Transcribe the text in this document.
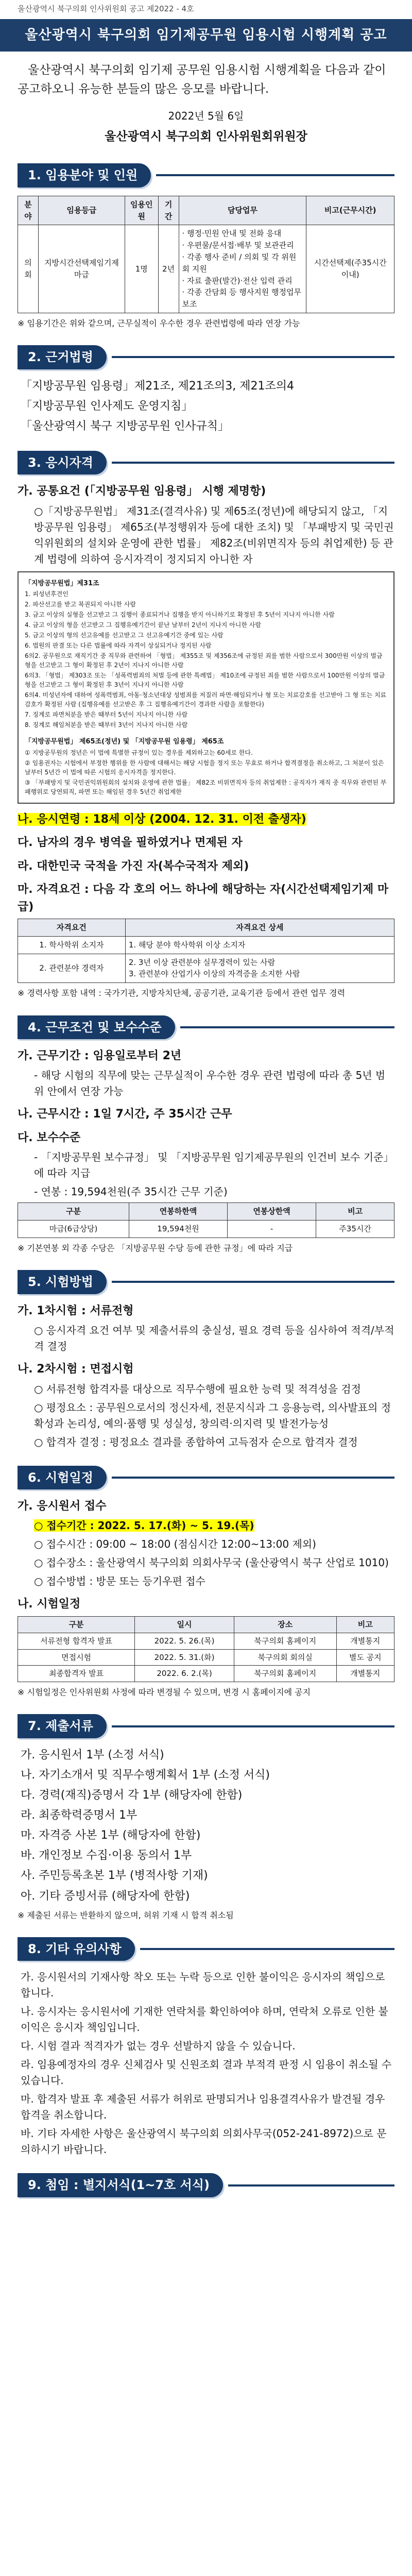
울산광역시 북구의회 인사위원회 공고 제2022 - 4호
울산광역시 북구의회 임기제공무원 임용시험 시행계획 공고

울산광역시 북구의회 임기제 공무원 임용시험 시행계획을 다음과 같이 공고하오니 유능한 분들의 많은 응모를 바랍니다.

2022년 5월 6일
울산광역시 북구의회 인사위원회위원장
1. 임용분야 및 인원
분야	임용등급	임용인원	기간	담당업무	비고(근무시간)
의회	지방시간선택제임기제 마급	1명	2년	· 행정·민원 안내 및 전화 응대
· 우편물/문서접·배부 및 보관관리
· 각종 행사 준비 / 의회 및 각 위원회 지원
· 자료 출판(발간)·전산 입력 관리
· 각종 간담회 등 행사지원 행정업무 보조	시간선택제(주35시간 이내)
※ 임용기간은 위와 같으며, 근무실적이 우수한 경우 관련법령에 따라 연장 가능
2. 근거법령
「지방공무원 임용령」제21조, 제21조의3, 제21조의4
「지방공무원 인사제도 운영지침」
「울산광역시 북구 지방공무원 인사규칙」
3. 응시자격
가. 공통요건 (「지방공무원 임용령」 시행 제명항)
○「지방공무원법」 제31조(결격사유) 및 제65조(정년)에 해당되지 않고, 「지방공무원 임용령」 제65조(부정행위자 등에 대한 조치) 및 「부패방지 및 국민권익위원회의 설치와 운영에 관한 법률」 제82조(비위면직자 등의 취업제한) 등 관계 법령에 의하여 응시자격이 정지되지 아니한 자

「지방공무원법」제31조

1. 피성년후견인

2. 파산선고를 받고 복권되지 아니한 사람

3. 금고 이상의 실형을 선고받고 그 집행이 종료되거나 집행을 받지 아니하기로 확정된 후 5년이 지나지 아니한 사람

4. 금고 이상의 형을 선고받고 그 집행유예기간이 끝난 날부터 2년이 지나지 아니한 사람

5. 금고 이상의 형의 선고유예를 선고받고 그 선고유예기간 중에 있는 사람

6. 법원의 판결 또는 다른 법률에 따라 자격이 상실되거나 정지된 사람

6의2. 공무원으로 재직기간 중 직무와 관련하여 「형법」 제355조 및 제356조에 규정된 죄를 범한 사람으로서 300만원 이상의 벌금형을 선고받고 그 형이 확정된 후 2년이 지나지 아니한 사람

6의3. 「형법」 제303조 또는 「성폭력범죄의 처벌 등에 관한 특례법」 제10조에 규정된 죄를 범한 사람으로서 100만원 이상의 벌금형을 선고받고 그 형이 확정된 후 3년이 지나지 아니한 사람

6의4. 미성년자에 대하여 성폭력범죄, 아동·청소년대상 성범죄를 저질러 파면·해임되거나 형 또는 치료감호를 선고받아 그 형 또는 치료감호가 확정된 사람 (집행유예를 선고받은 후 그 집행유예기간이 경과한 사람을 포함한다)

7. 징계로 파면처분을 받은 때부터 5년이 지나지 아니한 사람

8. 징계로 해임처분을 받은 때부터 3년이 지나지 아니한 사람

「지방공무원법」 제65조(정년) 및 「지방공무원 임용령」 제65조

① 지방공무원의 정년은 이 법에 특별한 규정이 있는 경우를 제외하고는 60세로 한다.

② 임용권자는 시험에서 부정한 행위를 한 사람에 대해서는 해당 시험을 정지 또는 무효로 하거나 합격결정을 취소하고, 그 처분이 있은 날부터 5년간 이 법에 따른 시험의 응시자격을 정지한다.

③ 「부패방지 및 국민권익위원회의 설치와 운영에 관한 법률」 제82조 비위면직자 등의 취업제한 : 공직자가 재직 중 직무와 관련된 부패행위로 당연퇴직, 파면 또는 해임된 경우 5년간 취업제한

나. 응시연령 : 18세 이상 (2004. 12. 31. 이전 출생자)
다. 남자의 경우 병역을 필하였거나 면제된 자
라. 대한민국 국적을 가진 자(복수국적자 제외)
마. 자격요건 : 다음 각 호의 어느 하나에 해당하는 자(시간선택제임기제 마급)
자격요건	자격요건 상세
1. 학사학위 소지자	1. 해당 분야 학사학위 이상 소지자
2. 관련분야 경력자	2. 3년 이상 관련분야 실무경력이 있는 사람
3. 관련분야 산업기사 이상의 자격증을 소지한 사람
※ 경력사항 포함 내역 : 국가기관, 지방자치단체, 공공기관, 교육기관 등에서 관련 업무 경력
4. 근무조건 및 보수수준
가. 근무기간 : 임용일로부터 2년
- 해당 시험의 직무에 맞는 근무실적이 우수한 경우 관련 법령에 따라 총 5년 범위 안에서 연장 가능
나. 근무시간 : 1일 7시간, 주 35시간 근무
다. 보수수준
- 「지방공무원 보수규정」 및 「지방공무원 임기제공무원의 인건비 보수 기준」에 따라 지급
- 연봉 : 19,594천원(주 35시간 근무 기준)
구분	연봉하한액	연봉상한액	비고
마급(6급상당)	19,594천원	-	주35시간
※ 기본연봉 외 각종 수당은 「지방공무원 수당 등에 관한 규정」에 따라 지급
5. 시험방법
가. 1차시험 : 서류전형
○ 응시자격 요건 여부 및 제출서류의 충실성, 필요 경력 등을 심사하여 적격/부적격 결정
나. 2차시험 : 면접시험
○ 서류전형 합격자를 대상으로 직무수행에 필요한 능력 및 적격성을 검정
○ 평정요소 : 공무원으로서의 정신자세, 전문지식과 그 응용능력, 의사발표의 정확성과 논리성, 예의·품행 및 성실성, 창의력·의지력 및 발전가능성
○ 합격자 결정 : 평정요소 결과를 종합하여 고득점자 순으로 합격자 결정
6. 시험일정
가. 응시원서 접수
○ 접수기간 : 2022. 5. 17.(화) ~ 5. 19.(목)
○ 접수시간 : 09:00 ~ 18:00 (점심시간 12:00~13:00 제외)
○ 접수장소 : 울산광역시 북구의회 의회사무국 (울산광역시 북구 산업로 1010)
○ 접수방법 : 방문 또는 등기우편 접수
나. 시험일정
구분	일시	장소	비고
서류전형 합격자 발표	2022. 5. 26.(목)	북구의회 홈페이지	개별통지
면접시험	2022. 5. 31.(화)	북구의회 회의실	별도 공지
최종합격자 발표	2022. 6. 2.(목)	북구의회 홈페이지	개별통지
※ 시험일정은 인사위원회 사정에 따라 변경될 수 있으며, 변경 시 홈페이지에 공지
7. 제출서류
가. 응시원서 1부 (소정 서식)
나. 자기소개서 및 직무수행계획서 1부 (소정 서식)
다. 경력(재직)증명서 각 1부 (해당자에 한함)
라. 최종학력증명서 1부
마. 자격증 사본 1부 (해당자에 한함)
바. 개인정보 수집·이용 동의서 1부
사. 주민등록초본 1부 (병적사항 기재)
아. 기타 증빙서류 (해당자에 한함)
※ 제출된 서류는 반환하지 않으며, 허위 기재 시 합격 취소됨
8. 기타 유의사항
가. 응시원서의 기재사항 착오 또는 누락 등으로 인한 불이익은 응시자의 책임으로 합니다.
나. 응시자는 응시원서에 기재한 연락처를 확인하여야 하며, 연락처 오류로 인한 불이익은 응시자 책임입니다.
다. 시험 결과 적격자가 없는 경우 선발하지 않을 수 있습니다.
라. 임용예정자의 경우 신체검사 및 신원조회 결과 부적격 판정 시 임용이 취소될 수 있습니다.
마. 합격자 발표 후 제출된 서류가 허위로 판명되거나 임용결격사유가 발견될 경우 합격을 취소합니다.
바. 기타 자세한 사항은 울산광역시 북구의회 의회사무국(052-241-8972)으로 문의하시기 바랍니다.
9. 첨임 : 별지서식(1~7호 서식)
